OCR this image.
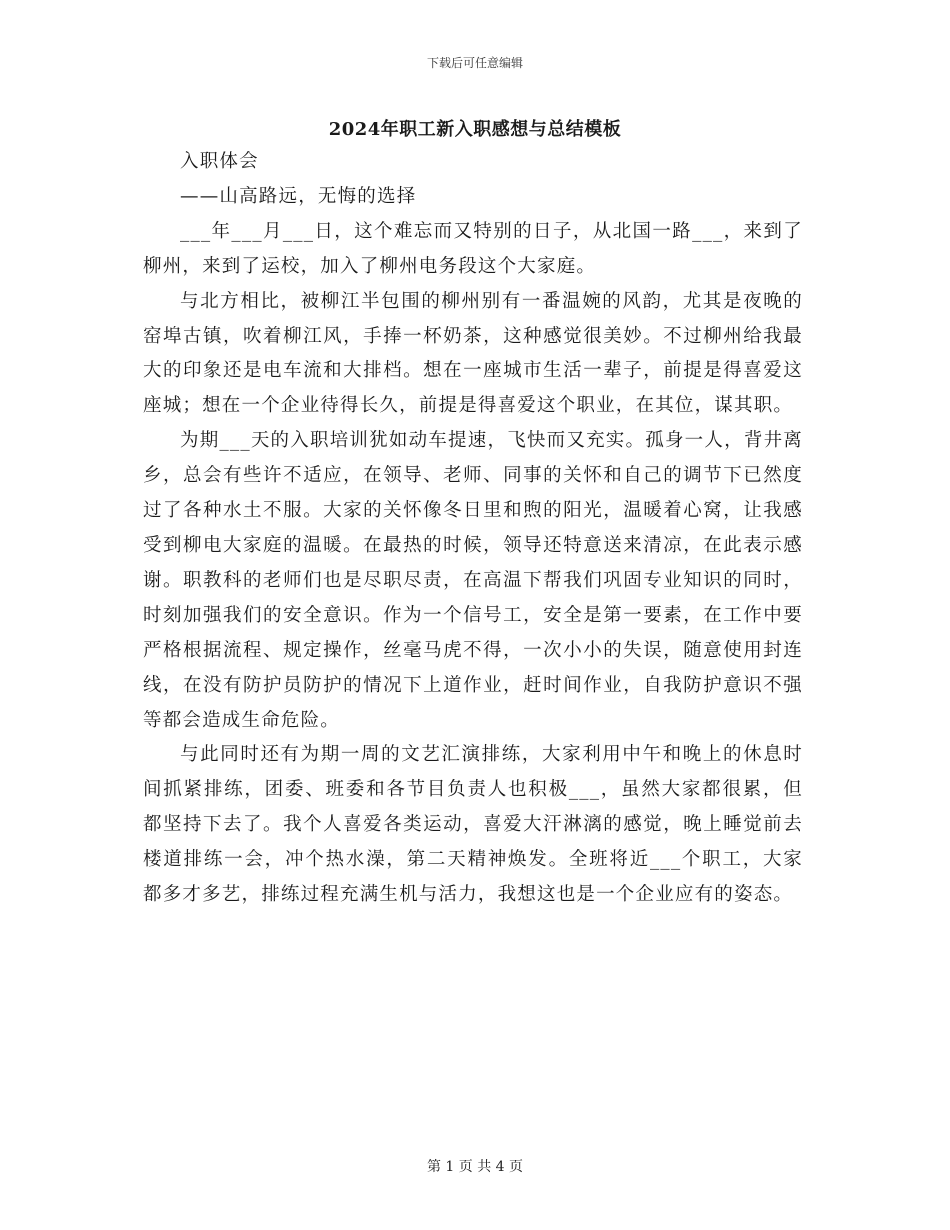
下载后可任意编辑
2024年职工新入职感想与总结模板

入职体会

——山高路远，无悔的选择

___年___月___日，这个难忘而又特别的日子，从北国一路___，来到了柳州，来到了运校，加入了柳州电务段这个大家庭。

与北方相比，被柳江半包围的柳州别有一番温婉的风韵，尤其是夜晚的窑埠古镇，吹着柳江风，手捧一杯奶茶，这种感觉很美妙。不过柳州给我最大的印象还是电车流和大排档。想在一座城市生活一辈子，前提是得喜爱这座城；想在一个企业待得长久，前提是得喜爱这个职业，在其位，谋其职。

为期___天的入职培训犹如动车提速，飞快而又充实。孤身一人，背井离乡，总会有些许不适应，在领导、老师、同事的关怀和自己的调节下已然度过了各种水土不服。大家的关怀像冬日里和煦的阳光，温暖着心窝，让我感受到柳电大家庭的温暖。在最热的时候，领导还特意送来清凉，在此表示感谢。职教科的老师们也是尽职尽责，在高温下帮我们巩固专业知识的同时，时刻加强我们的安全意识。作为一个信号工，安全是第一要素，在工作中要严格根据流程、规定操作，丝毫马虎不得，一次小小的失误，随意使用封连线，在没有防护员防护的情况下上道作业，赶时间作业，自我防护意识不强等都会造成生命危险。

与此同时还有为期一周的文艺汇演排练，大家利用中午和晚上的休息时间抓紧排练，团委、班委和各节目负责人也积极___，虽然大家都很累，但都坚持下去了。我个人喜爱各类运动，喜爱大汗淋漓的感觉，晚上睡觉前去楼道排练一会，冲个热水澡，第二天精神焕发。全班将近___个职工，大家都多才多艺，排练过程充满生机与活力，我想这也是一个企业应有的姿态。

第 1 页 共 4 页
